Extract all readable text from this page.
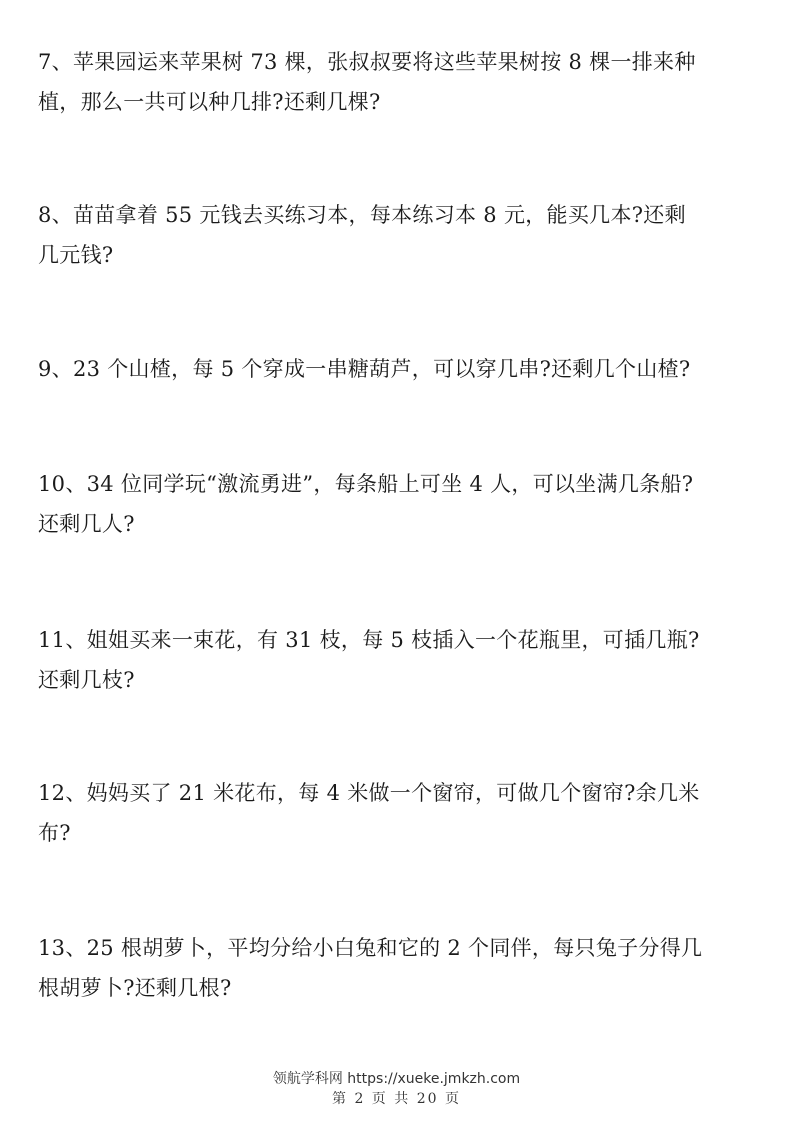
7、苹果园运来苹果树 73 棵，张叔叔要将这些苹果树按 8 棵一排来种
植，那么一共可以种几排?还剩几棵?
8、苗苗拿着 55 元钱去买练习本，每本练习本 8 元，能买几本?还剩
几元钱?
9、23 个山楂，每 5 个穿成一串糖葫芦，可以穿几串?还剩几个山楂?
10、34 位同学玩“激流勇进”，每条船上可坐 4 人，可以坐满几条船?
还剩几人?
11、姐姐买来一束花，有 31 枝，每 5 枝插入一个花瓶里，可插几瓶?
还剩几枝?
12、妈妈买了 21 米花布，每 4 米做一个窗帘，可做几个窗帘?余几米
布?
13、25 根胡萝卜，平均分给小白兔和它的 2 个同伴，每只兔子分得几
根胡萝卜?还剩几根?
领航学科网 https://xueke.jmkzh.com
第 2 页 共 20 页
